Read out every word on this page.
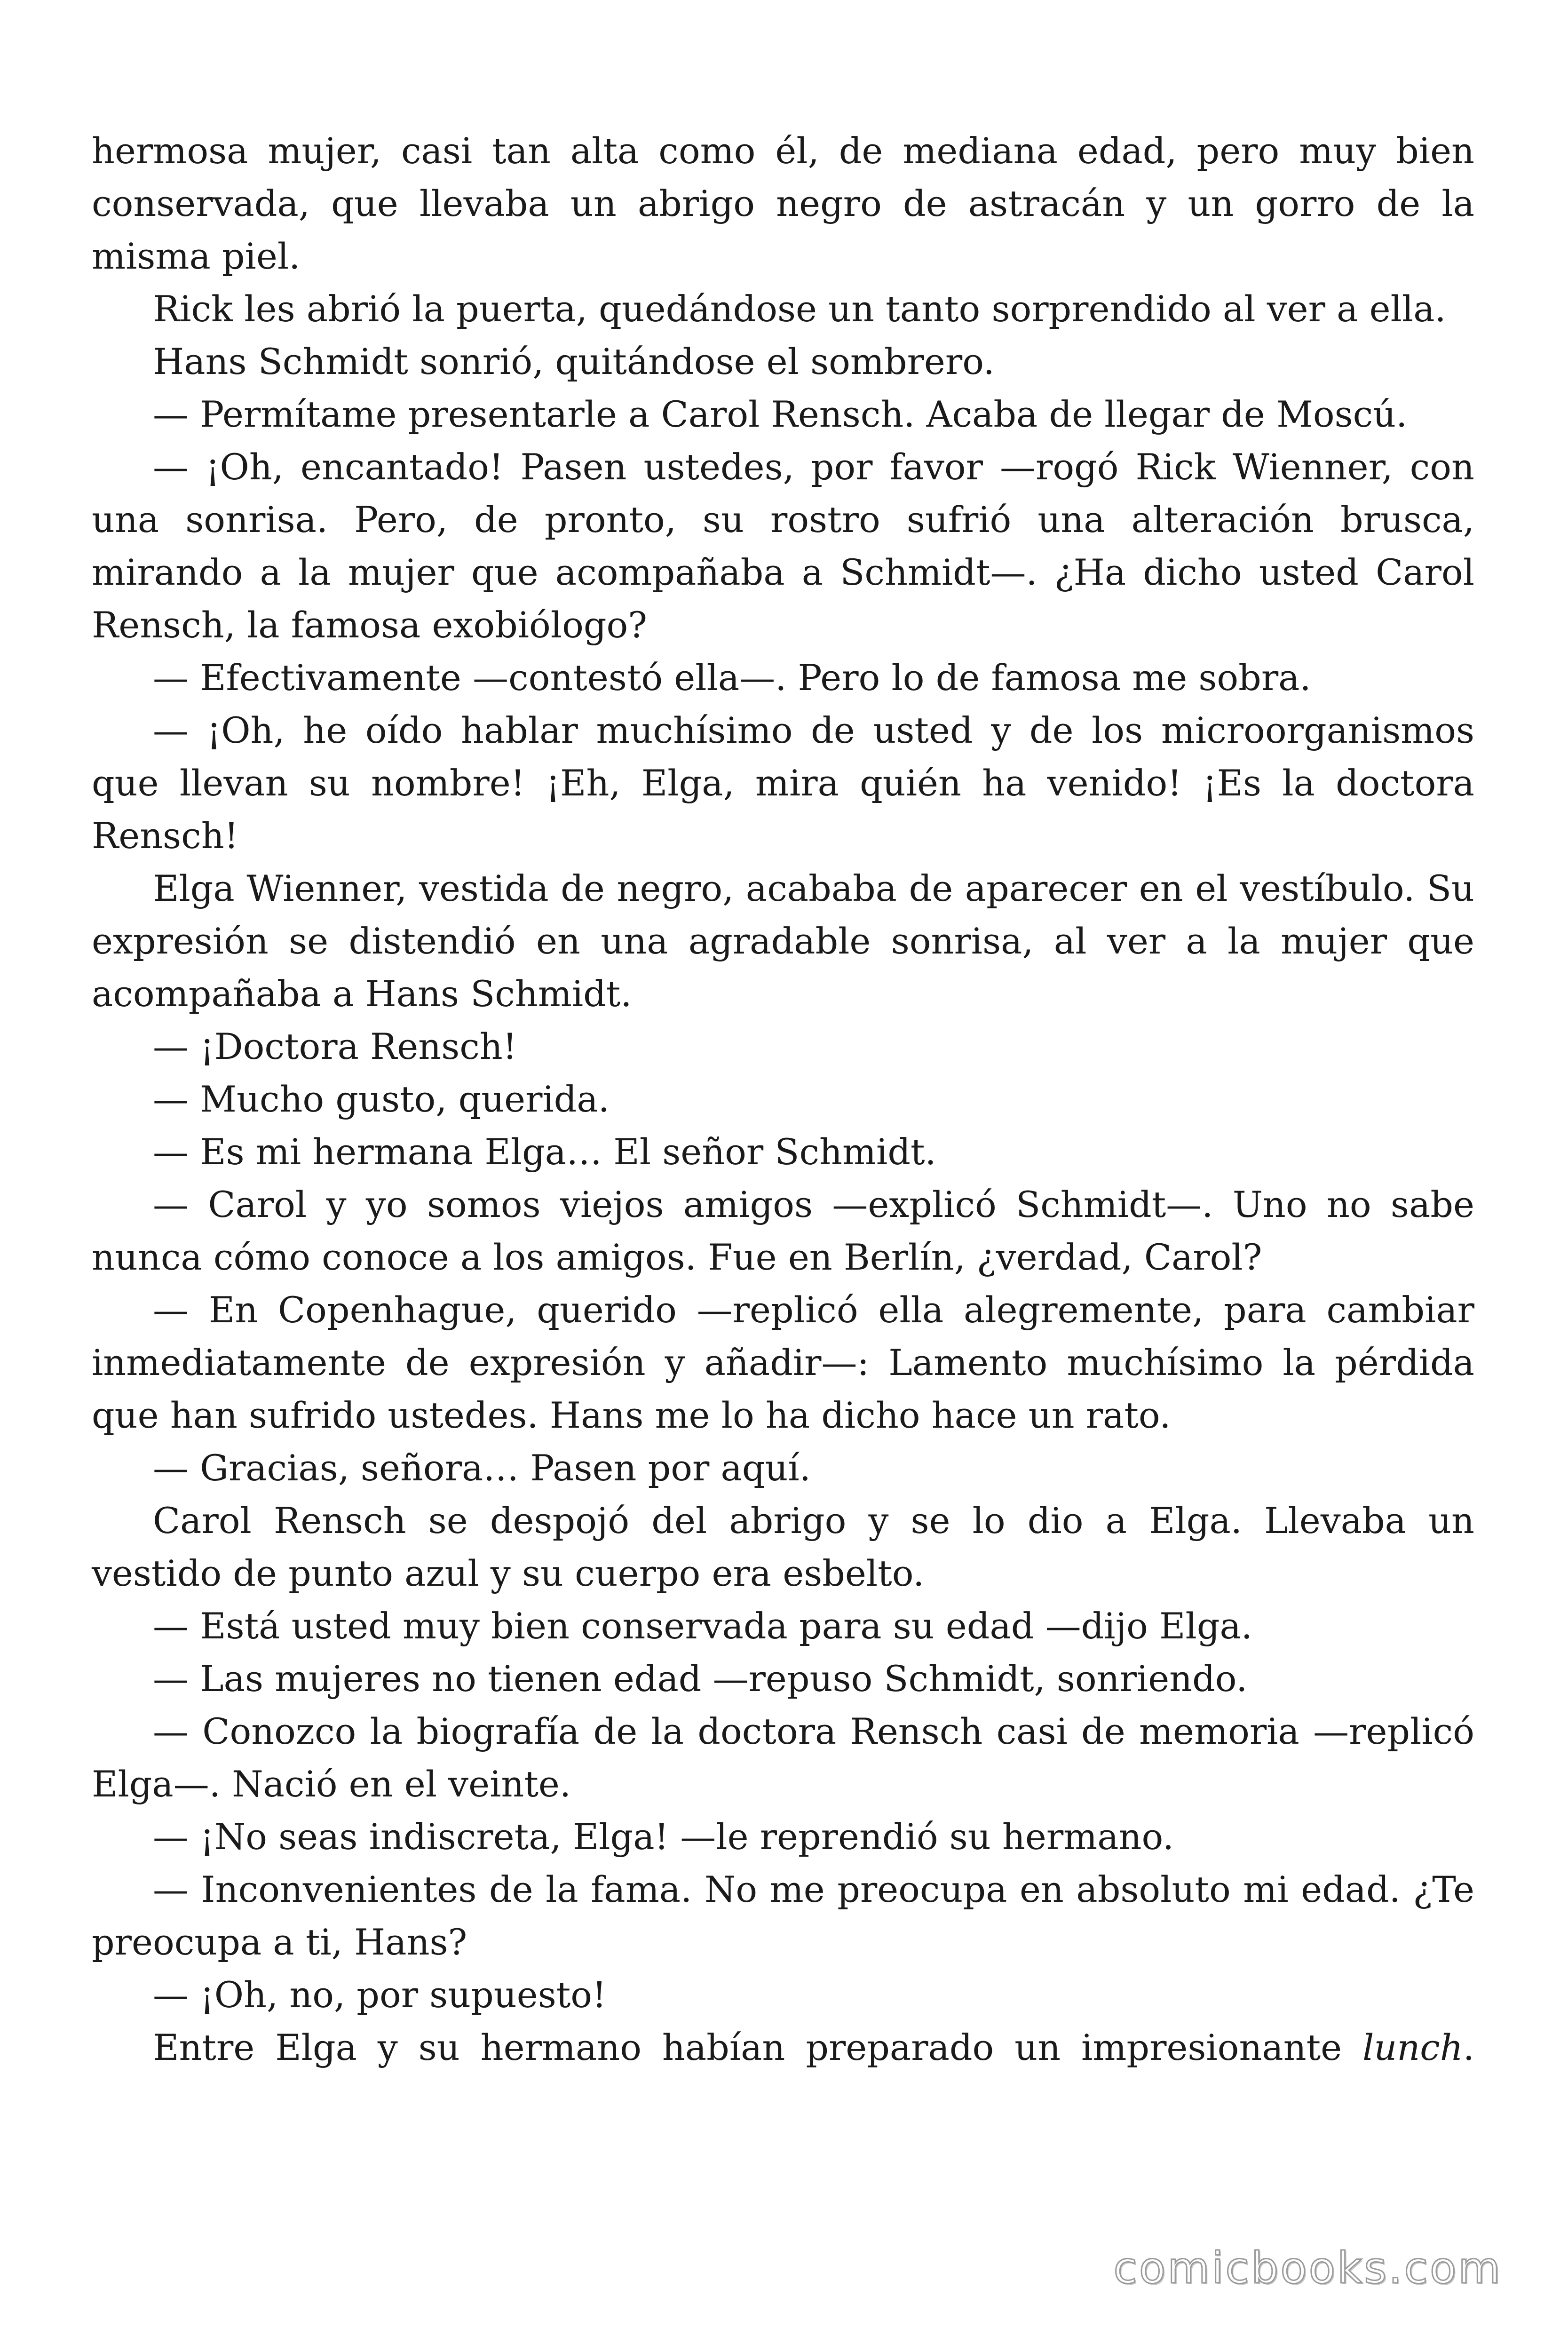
hermosa mujer, casi tan alta como él, de mediana edad, pero muy bien conservada, que llevaba un abrigo negro de astracán y un gorro de la misma piel.

Rick les abrió la puerta, quedándose un tanto sorprendido al ver a ella.

Hans Schmidt sonrió, quitándose el sombrero.

— Permítame presentarle a Carol Rensch. Acaba de llegar de Moscú.

— ¡Oh, encantado! Pasen ustedes, por favor —rogó Rick Wienner, con una sonrisa. Pero, de pronto, su rostro sufrió una alteración brusca, mirando a la mujer que acompañaba a Schmidt—. ¿Ha dicho usted Carol Rensch, la famosa exobiólogo?

— Efectivamente —contestó ella—. Pero lo de famosa me sobra.

— ¡Oh, he oído hablar muchísimo de usted y de los microorganismos que llevan su nombre! ¡Eh, Elga, mira quién ha venido! ¡Es la doctora Rensch!

Elga Wienner, vestida de negro, acababa de aparecer en el vestíbulo. Su expresión se distendió en una agradable sonrisa, al ver a la mujer que acompañaba a Hans Schmidt.

— ¡Doctora Rensch!

— Mucho gusto, querida.

— Es mi hermana Elga… El señor Schmidt.

— Carol y yo somos viejos amigos —explicó Schmidt—. Uno no sabe nunca cómo conoce a los amigos. Fue en Berlín, ¿verdad, Carol?

— En Copenhague, querido —replicó ella alegremente, para cambiar inmediatamente de expresión y añadir—: Lamento muchísimo la pérdida que han sufrido ustedes. Hans me lo ha dicho hace un rato.

— Gracias, señora… Pasen por aquí.

Carol Rensch se despojó del abrigo y se lo dio a Elga. Llevaba un vestido de punto azul y su cuerpo era esbelto.

— Está usted muy bien conservada para su edad —dijo Elga.

— Las mujeres no tienen edad —repuso Schmidt, sonriendo.

— Conozco la biografía de la doctora Rensch casi de memoria —replicó Elga—. Nació en el veinte.

— ¡No seas indiscreta, Elga! —le reprendió su hermano.

— Inconvenientes de la fama. No me preocupa en absoluto mi edad. ¿Te preocupa a ti, Hans?

— ¡Oh, no, por supuesto!

Entre Elga y su hermano habían preparado un impresionante lunch.

comicbooks.com
